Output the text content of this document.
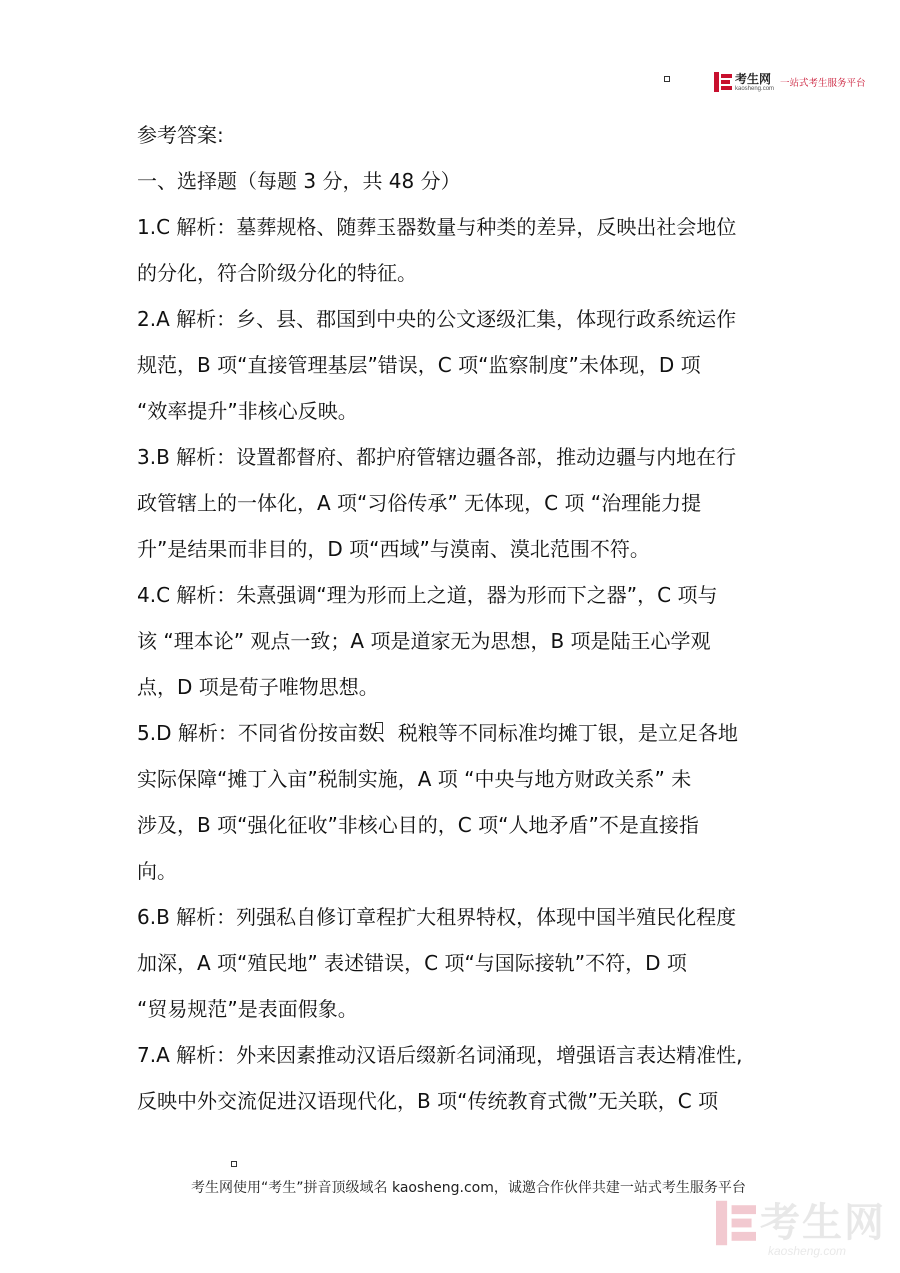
考生网
kaosheng.com 一站式考生服务平台
参考答案:
一、选择题（每题 3 分，共 48 分）
1.C 解析：墓葬规格、随葬玉器数量与种类的差异，反映出社会地位
的分化，符合阶级分化的特征。
2.A 解析：乡、县、郡国到中央的公文逐级汇集，体现行政系统运作
规范，B 项“直接管理基层”错误，C 项“监察制度”未体现，D 项
“效率提升”非核心反映。
3.B 解析：设置都督府、都护府管辖边疆各部，推动边疆与内地在行
政管辖上的一体化，A 项“习俗传承” 无体现，C 项 “治理能力提
升”是结果而非目的，D 项“西域”与漠南、漠北范围不符。
4.C 解析：朱熹强调“理为形而上之道，器为形而下之器”，C 项与
该 “理本论” 观点一致；A 项是道家无为思想，B 项是陆王心学观
点，D 项是荀子唯物思想。
5.D 解析：不同省份按亩数、税粮等不同标准均摊丁银，是立足各地
实际保障“摊丁入亩”税制实施，A 项 “中央与地方财政关系” 未
涉及，B 项“强化征收”非核心目的，C 项“人地矛盾”不是直接指
向。
6.B 解析：列强私自修订章程扩大租界特权，体现中国半殖民化程度
加深，A 项“殖民地” 表述错误，C 项“与国际接轨”不符，D 项
“贸易规范”是表面假象。
7.A 解析：外来因素推动汉语后缀新名词涌现，增强语言表达精准性,
反映中外交流促进汉语现代化，B 项“传统教育式微”无关联，C 项
考生网使用“考生”拼音顶级域名 kaosheng.com，诚邀合作伙伴共建一站式考生服务平台
考生网
kaosheng.com
